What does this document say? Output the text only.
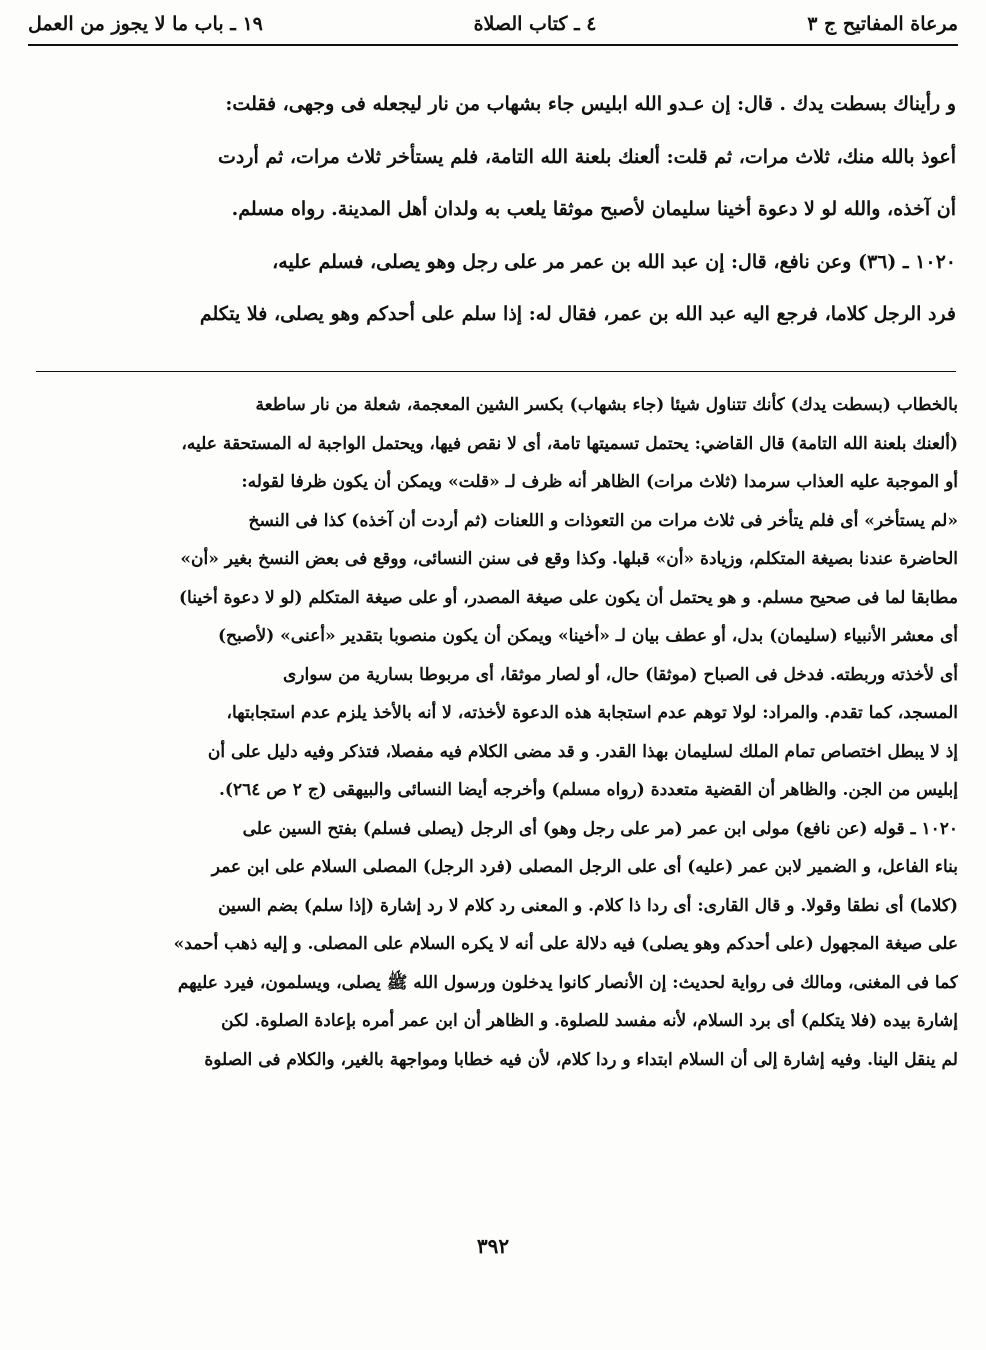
مرعاة المفاتيح ج ٣
٤ ـ كتاب الصلاة
١٩ ـ باب ما لا يجوز من العمل
و رأيناك بسطت يدك . قال: إن عـدو الله ابليس جاء بشهاب من نار ليجعله فى وجهى، فقلت:
أعوذ بالله منك، ثلاث مرات، ثم قلت: ألعنك بلعنة الله التامة، فلم يستأخر ثلاث مرات، ثم أردت
أن آخذه، والله لو لا دعوة أخينا سليمان لأصبح موثقا يلعب به ولدان أهل المدينة. رواه مسلم.
١٠٢٠ ـ (٣٦) وعن نافع، قال: إن عبد الله بن عمر مر على رجل وهو يصلى، فسلم عليه،
فرد الرجل كلاما، فرجع اليه عبد الله بن عمر، فقال له: إذا سلم على أحدكم وهو يصلى، فلا يتكلم
بالخطاب (بسطت يدك) كأنك تتناول شيئا (جاء بشهاب) بكسر الشين المعجمة، شعلة من نار ساطعة
(ألعنك بلعنة الله التامة) قال القاضي: يحتمل تسميتها تامة، أى لا نقص فيها، ويحتمل الواجبة له المستحقة عليه،
أو الموجبة عليه العذاب سرمدا (ثلاث مرات) الظاهر أنه ظرف لـ «قلت» ويمكن أن يكون ظرفا لقوله:
«لم يستأخر» أى فلم يتأخر فى ثلاث مرات من التعوذات و اللعنات (ثم أردت أن آخذه) كذا فى النسخ
الحاضرة عندنا بصيغة المتكلم، وزيادة «أن» قبلها. وكذا وقع فى سنن النسائى، ووقع فى بعض النسخ بغير «أن»
مطابقا لما فى صحيح مسلم. و هو يحتمل أن يكون على صيغة المصدر، أو على صيغة المتكلم (لو لا دعوة أخينا)
أى معشر الأنبياء (سليمان) بدل، أو عطف بيان لـ «أخينا» ويمكن أن يكون منصوبا بتقدير «أعنى» (لأصبح)
أى لأخذته وربطته. فدخل فى الصباح (موثقا) حال، أو لصار موثقا، أى مربوطا بسارية من سوارى
المسجد، كما تقدم. والمراد: لولا توهم عدم استجابة هذه الدعوة لأخذته، لا أنه بالأخذ يلزم عدم استجابتها،
إذ لا يبطل اختصاص تمام الملك لسليمان بهذا القدر. و قد مضى الكلام فيه مفصلا، فتذكر وفيه دليل على أن
إبليس من الجن. والظاهر أن القضية متعددة (رواه مسلم) وأخرجه أيضا النسائى والبيهقى (ج ٢ ص ٢٦٤).
١٠٢٠ ـ قوله (عن نافع) مولى ابن عمر (مر على رجل وهو) أى الرجل (يصلى فسلم) بفتح السين على
بناء الفاعل، و الضمير لابن عمر (عليه) أى على الرجل المصلى (فرد الرجل) المصلى السلام على ابن عمر
(كلاما) أى نطقا وقولا. و قال القارى: أى ردا ذا كلام. و المعنى رد كلام لا رد إشارة (إذا سلم) بضم السين
على صيغة المجهول (على أحدكم وهو يصلى) فيه دلالة على أنه لا يكره السلام على المصلى. و إليه ذهب أحمد»
كما فى المغنى، ومالك فى رواية لحديث: إن الأنصار كانوا يدخلون ورسول الله ﷺ يصلى، ويسلمون، فيرد عليهم
إشارة بيده (فلا يتكلم) أى برد السلام، لأنه مفسد للصلوة. و الظاهر أن ابن عمر أمره بإعادة الصلوة. لكن
لم ينقل الينا. وفيه إشارة إلى أن السلام ابتداء و ردا كلام، لأن فيه خطابا ومواجهة بالغير، والكلام فى الصلوة
٣٩٢
